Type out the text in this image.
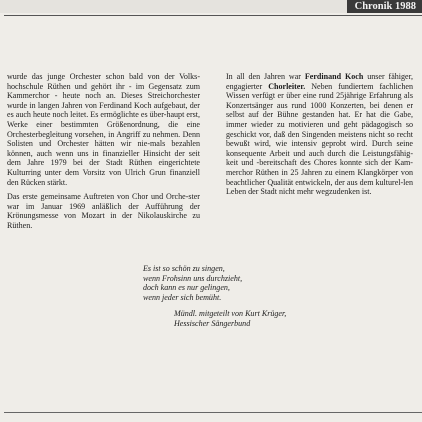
Chronik 1988

wurde das junge Orchester schon bald von der Volks-hochschule Rüthen und gehört ihr - im Gegensatz zum Kammerchor - heute noch an. Dieses Streichorchester wurde in langen Jahren von Ferdinand Koch aufgebaut, der es auch heute noch leitet. Es ermöglichte es über-haupt erst, Werke einer bestimmten Größenordnung, die eine Orchesterbegleitung vorsehen, in Angriff zu nehmen. Denn Solisten und Orchester hätten wir nie-mals bezahlen können, auch wenn uns in finanzieller Hinsicht der seit dem Jahre 1979 bei der Stadt Rüthen eingerichtete Kulturring unter dem Vorsitz von Ulrich Grun finanziell den Rücken stärkt.

Das erste gemeinsame Auftreten von Chor und Orche-ster war im Januar 1969 anläßlich der Aufführung der Krönungsmesse von Mozart in der Nikolauskirche zu Rüthen.

In all den Jahren war Ferdinand Koch unser fähiger, engagierter Chorleiter. Neben fundiertem fachlichen Wissen verfügt er über eine rund 25jährige Erfahrung als Konzertsänger aus rund 1000 Konzerten, bei denen er selbst auf der Bühne gestanden hat. Er hat die Gabe, immer wieder zu motivieren und geht pädagogisch so geschickt vor, daß den Singenden meistens nicht so recht bewußt wird, wie intensiv geprobt wird. Durch seine konsequente Arbeit und auch durch die Leistungsfähig-keit und -bereitschaft des Chores konnte sich der Kam-merchor Rüthen in 25 Jahren zu einem Klangkörper von beachtlicher Qualität entwickeln, der aus dem kulturel-len Leben der Stadt nicht mehr wegzudenken ist.

Es ist so schön zu singen,
wenn Frohsinn uns durchzieht,
doch kann es nur gelingen,
wenn jeder sich bemüht.
Mündl. mitgeteilt von Kurt Krüger,
Hessischer Sängerbund
